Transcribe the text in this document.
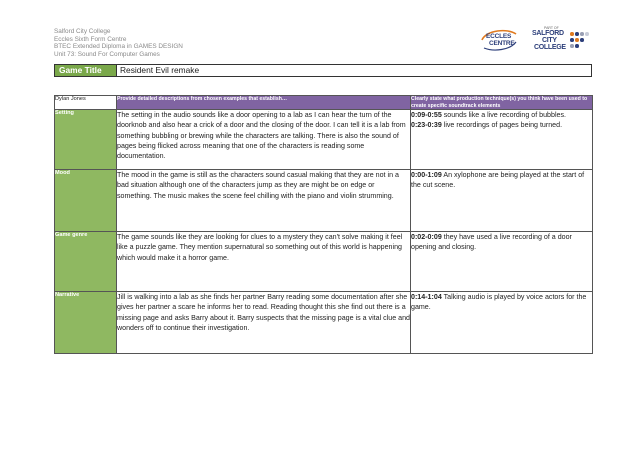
Salford City College
Eccles Sixth Form Centre
BTEC Extended Diploma in GAMES DESIGN
Unit 73: Sound For Computer Games
ECCLES
CENTRE
PART OF
SALFORD
CITY
COLLEGE
Game Title	Resident Evil remake
Dylan Jones	Provide detailed descriptions from chosen examples that establish…	Clearly state what production technique(s) you think have been used to create specific soundtrack elements
Setting	The setting in the audio sounds like a door opening to a lab as I can hear the turn of the doorknob and also hear a crick of a door and the closing of the door. I can tell it is a lab from something bubbling or brewing while the characters are talking. There is also the sound of pages being flicked across meaning that one of the characters is reading some documentation.	0:09-0:55 sounds like a live recording of bubbles.
0:23-0:39 live recordings of pages being turned.

Mood	The mood in the game is still as the characters sound casual making that they are not in a bad situation although one of the characters jump as they are might be on edge or something. The music makes the scene feel chilling with the piano and violin strumming.	0:00-1:09 An xylophone are being played at the start of the cut scene.

Game genre	The game sounds like they are looking for clues to a mystery they can't solve making it feel like a puzzle game. They mention supernatural so something out of this world is happening which would make it a horror game.	0:02-0:09 they have used a live recording of a door opening and closing.

Narrative	Jill is walking into a lab as she finds her partner Barry reading some documentation after she gives her partner a scare he informs her to read. Reading thought this she find out there is a missing page and asks Barry about it. Barry suspects that the missing page is a vital clue and wonders off to continue their investigation.	0:14-1:04 Talking audio is played by voice actors for the game.
